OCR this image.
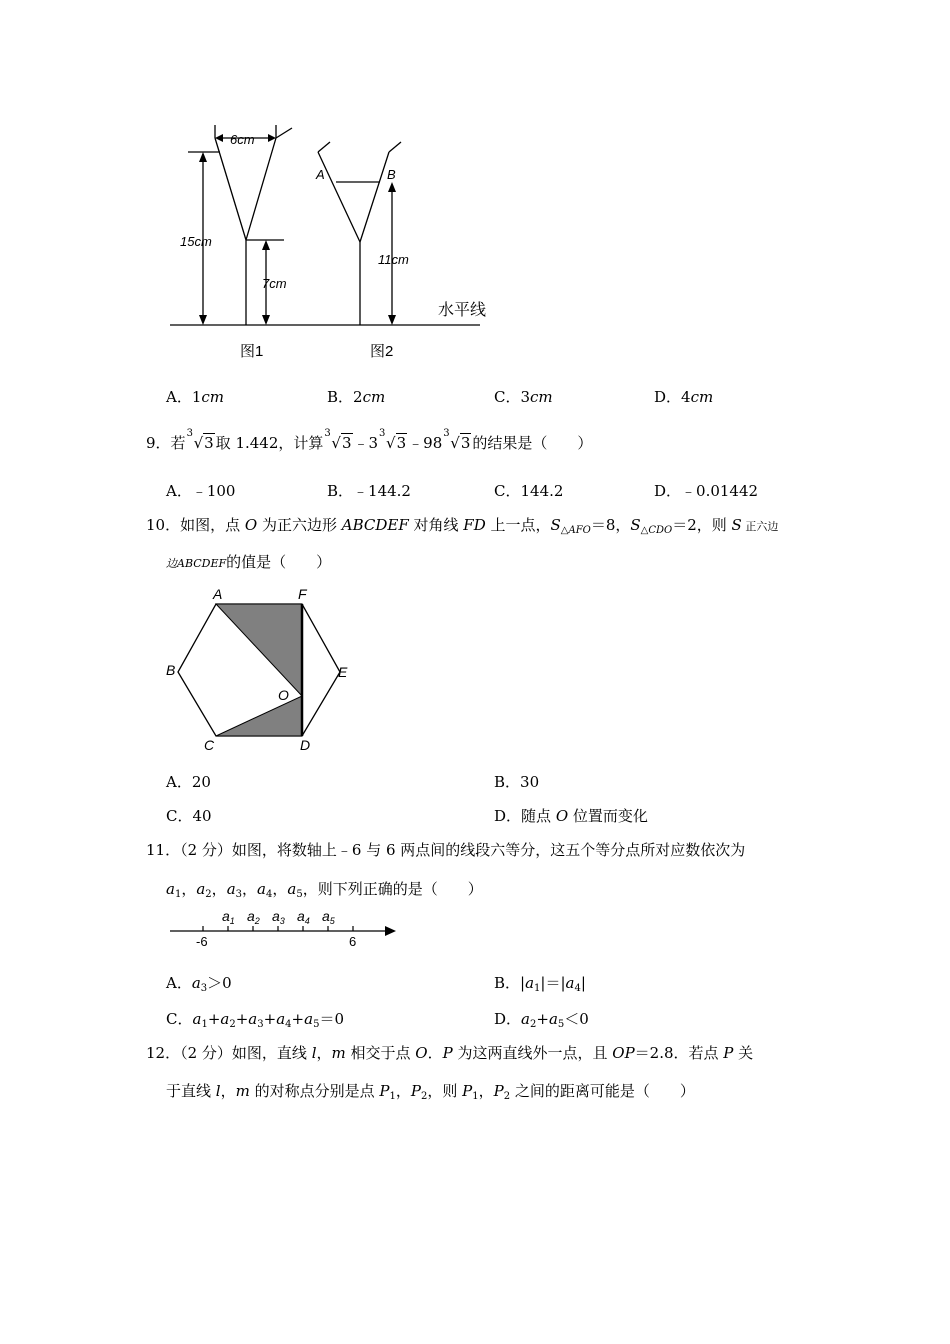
6cm
15cm
7cm
图1
A	B
11cm
图2
水平线
A．1cm	B．2cm	C．3cm	D．4cm
9．若
3
√3 取 1.442，计算
3
√3 ﹣3
3
√3 ﹣98
3
√3 的结果是（　　）
A．﹣100	B．﹣144.2	C．144.2	D．﹣0.01442
10．如图，点 O 为正六边形 ABCDEF 对角线 FD 上一点，$S_{\triangle AFO}=8$，$S_{\triangle CDO}=2$，则 S 正六边
边ABCDEF的值是（　　）
A	F
B	E
O
C	D
A．20	B．30
C．40	D．随点 O 位置而变化
11．（2 分）如图，将数轴上﹣6 与 6 两点间的线段六等分，这五个等分点所对应数依次为
$a_1$，$a_2$，$a_3$，$a_4$，$a_5$，则下列正确的是（　　）
-6	6
$a_1$ $a_2$ $a_3$ $a_4$ $a_5$
A．$a_3>0$	B．$|a_1|=|a_4|$
C．$a_1+a_2+a_3+a_4+a_5=0$	D．$a_2+a_5<0$
12．（2 分）如图，直线 l，m 相交于点 O．P 为这两直线外一点，且 OP＝2.8．若点 P 关
于直线 l，m 的对称点分别是点 $P_1$，$P_2$，则 $P_1$，$P_2$ 之间的距离可能是（　　）
